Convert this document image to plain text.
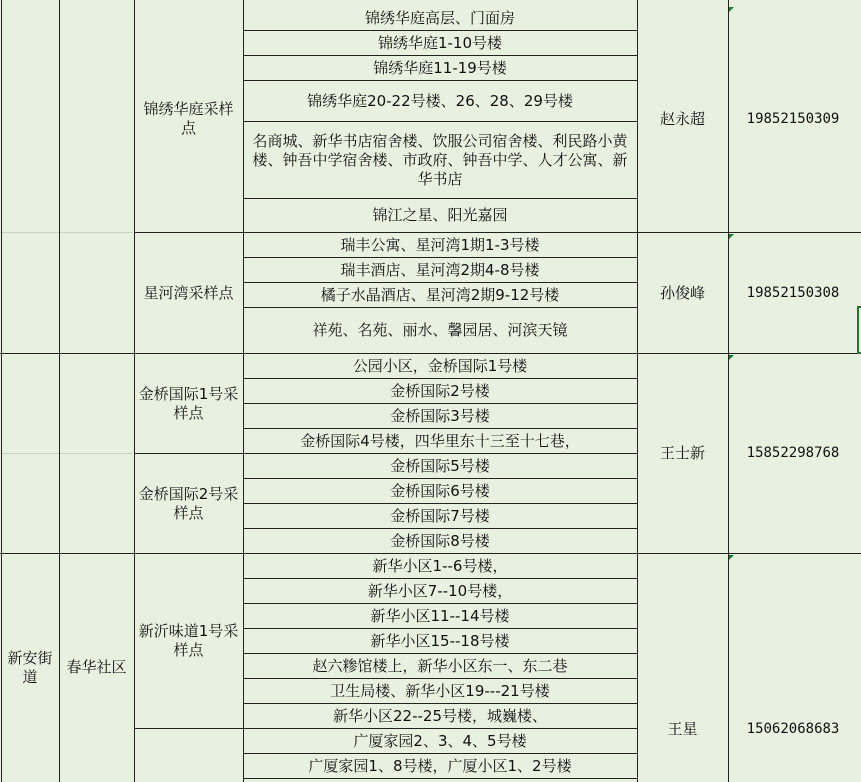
新安街道
春华社区
锦绣华庭采样点
星河湾采样点
金桥国际1号采样点
金桥国际2号采样点
新沂味道1号采样点
锦绣华庭高层、门面房
锦绣华庭1-10号楼
锦绣华庭11-19号楼
锦绣华庭20-22号楼、26、28、29号楼
名商城、新华书店宿舍楼、饮服公司宿舍楼、利民路小黄楼、钟吾中学宿舍楼、市政府、钟吾中学、人才公寓、新华书店
锦江之星、阳光嘉园
瑞丰公寓、星河湾1期1-3号楼
瑞丰酒店、星河湾2期4-8号楼
橘子水晶酒店、星河湾2期9-12号楼
祥苑、名苑、丽水、馨园居、河滨天镜
公园小区，金桥国际1号楼
金桥国际2号楼
金桥国际3号楼
金桥国际4号楼，四华里东十三至十七巷，
金桥国际5号楼
金桥国际6号楼
金桥国际7号楼
金桥国际8号楼
新华小区1--6号楼，
新华小区7--10号楼，
新华小区11--14号楼
新华小区15--18号楼
赵六糁馆楼上，新华小区东一、东二巷
卫生局楼、新华小区19---21号楼
新华小区22--25号楼，城巍楼、
广厦家园2、3、4、5号楼
广厦家园1、8号楼，广厦小区1、2号楼
赵永超
孙俊峰
王士新
王星
19852150309
19852150308
15852298768
15062068683
